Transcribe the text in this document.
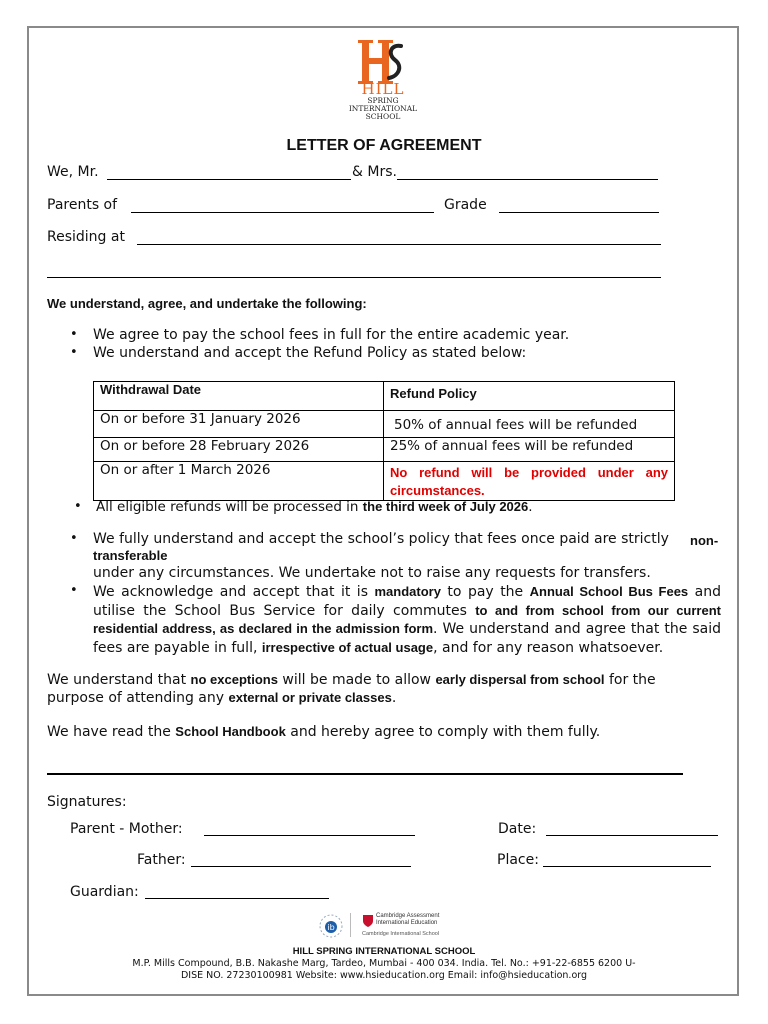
HILL
SPRING
INTERNATIONAL
SCHOOL
LETTER OF AGREEMENT
We, Mr.	& Mrs.
Parents of	Grade
Residing at
We understand, agree, and undertake the following:
• We agree to pay the school fees in full for the entire academic year.
• We understand and accept the Refund Policy as stated below:
Withdrawal Date	Refund Policy
On or before 31 January 2026	50% of annual fees will be refunded
On or before 28 February 2026	25% of annual fees will be refunded
On or after 1 March 2026	No refund will be provided under any circumstances.
• All eligible refunds will be processed in the third week of July 2026.
• We fully understand and accept the school’s policy that fees once paid are strictly non-
transferable
under any circumstances. We undertake not to raise any requests for transfers.
• We acknowledge and accept that it is mandatory to pay the Annual School Bus Fees and utilise the School Bus Service for daily commutes to and from school from our current residential address, as declared in the admission form. We understand and agree that the said fees are payable in full, irrespective of actual usage, and for any reason whatsoever.
We understand that no exceptions will be made to allow early dispersal from school for the
purpose of attending any external or private classes.
We have read the School Handbook and hereby agree to comply with them fully.
Signatures:
Parent - Mother:	Date:
Father:	Place:
Guardian:
ib
Cambridge Assessment
International Education
Cambridge International School
HILL SPRING INTERNATIONAL SCHOOL
M.P. Mills Compound, B.B. Nakashe Marg, Tardeo, Mumbai - 400 034. India. Tel. No.: +91-22-6855 6200 U-DISE NO. 27230100981 Website: www.hsieducation.org Email: info@hsieducation.org
